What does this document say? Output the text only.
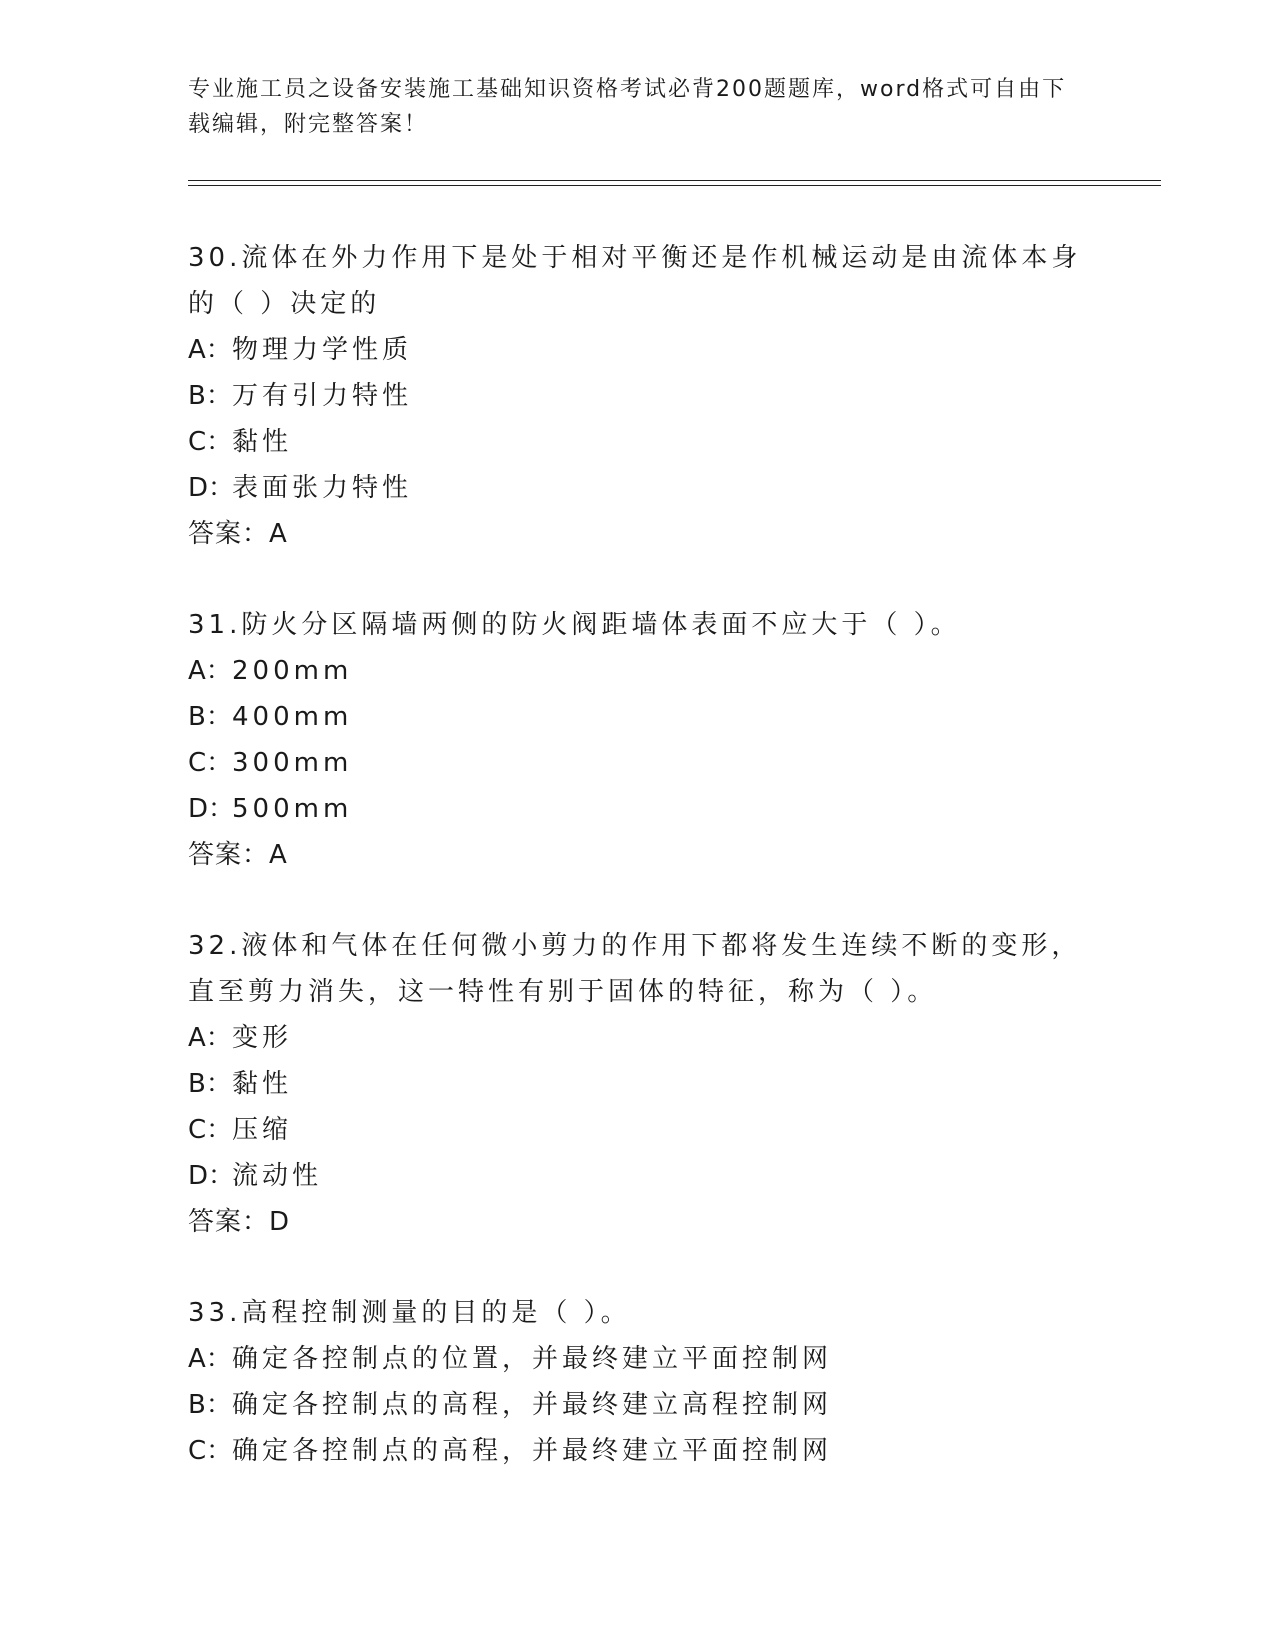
专业施工员之设备安装施工基础知识资格考试必背200题题库，word格式可自由下载编辑，附完整答案！

30.流体在外力作用下是处于相对平衡还是作机械运动是由流体本身的（ ）决定的

A：物理力学性质

B：万有引力特性

C：黏性

D：表面张力特性

答案：A

31.防火分区隔墙两侧的防火阀距墙体表面不应大于（ ）。

A：200mm

B：400mm

C：300mm

D：500mm

答案：A

32.液体和气体在任何微小剪力的作用下都将发生连续不断的变形，直至剪力消失，这一特性有别于固体的特征，称为（ ）。

A：变形

B：黏性

C：压缩

D：流动性

答案：D

33.高程控制测量的目的是（ ）。

A：确定各控制点的位置，并最终建立平面控制网

B：确定各控制点的高程，并最终建立高程控制网

C：确定各控制点的高程，并最终建立平面控制网
